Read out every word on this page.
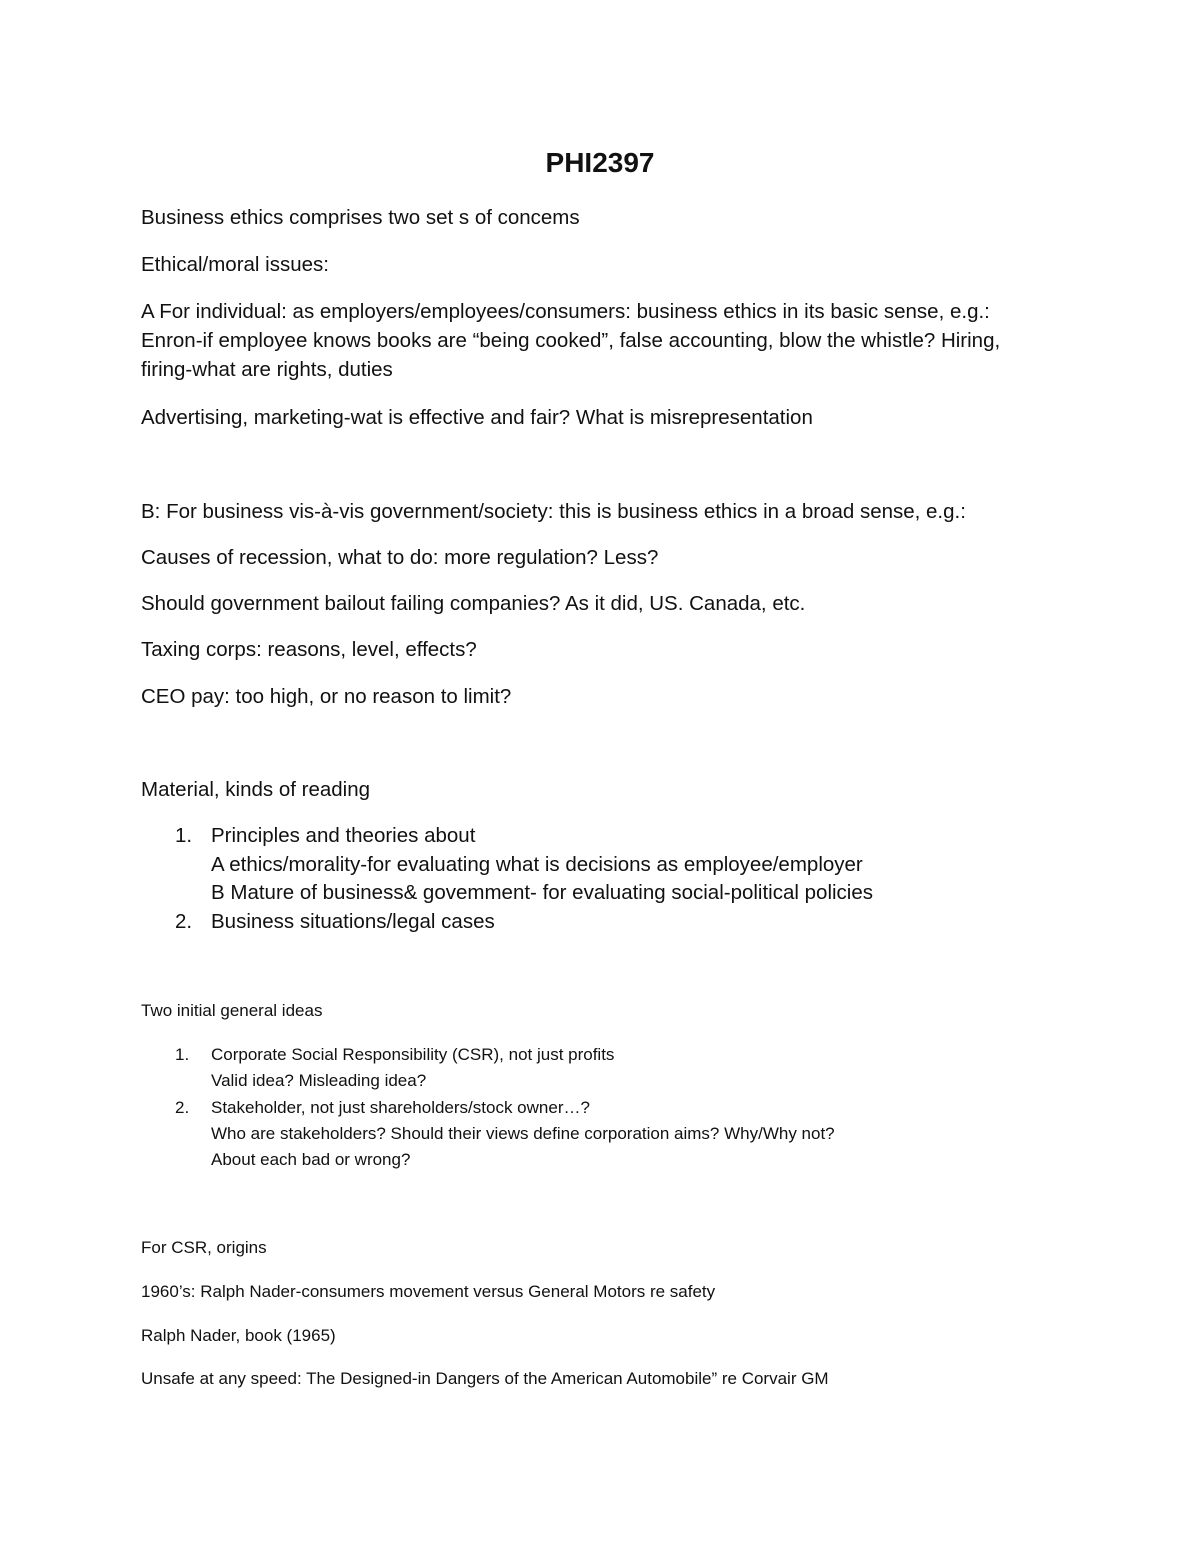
PHI2397
Business ethics comprises two set s of concems
Ethical/moral issues:
A For individual: as employers/employees/consumers: business ethics in its basic sense, e.g.:
Enron-if employee knows books are “being cooked”, false accounting, blow the whistle? Hiring,
firing-what are rights, duties
Advertising, marketing-wat is effective and fair? What is misrepresentation
B: For business vis-à-vis government/society: this is business ethics in a broad sense, e.g.:
Causes of recession, what to do: more regulation? Less?
Should government bailout failing companies? As it did, US. Canada, etc.
Taxing corps: reasons, level, effects?
CEO pay: too high, or no reason to limit?
Material, kinds of reading
1. Principles and theories about
A ethics/morality-for evaluating what is decisions as employee/employer
B Mature of business& govemment- for evaluating social-political policies
2. Business situations/legal cases
Two initial general ideas
1. Corporate Social Responsibility (CSR), not just profits
Valid idea? Misleading idea?
2. Stakeholder, not just shareholders/stock owner…?
Who are stakeholders? Should their views define corporation aims? Why/Why not?
About each bad or wrong?
For CSR, origins
1960’s: Ralph Nader-consumers movement versus General Motors re safety
Ralph Nader, book (1965)
Unsafe at any speed: The Designed-in Dangers of the American Automobile” re Corvair GM
